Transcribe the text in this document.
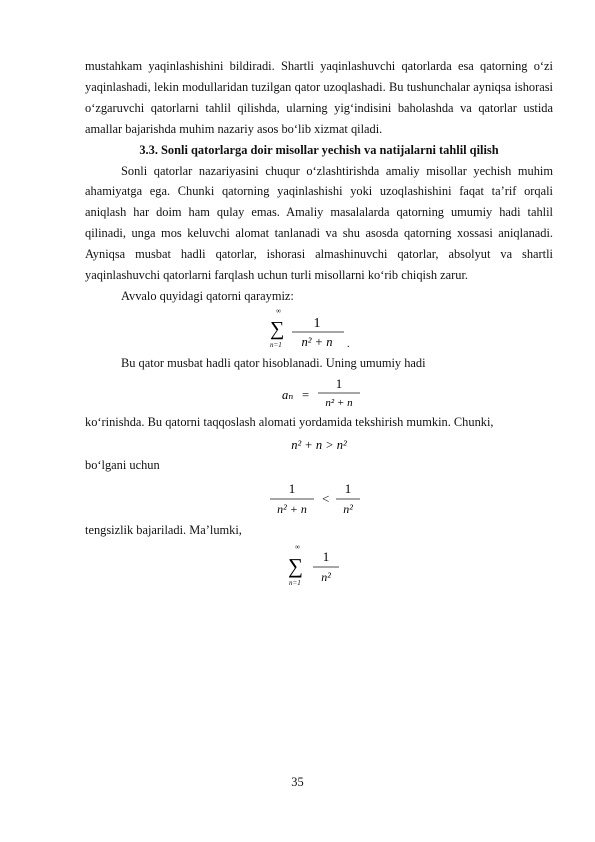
mustahkam yaqinlashishini bildiradi. Shartli yaqinlashuvchi qatorlarda esa qatorning o‘zi yaqinlashadi, lekin modullaridan tuzilgan qator uzoqlashadi. Bu tushunchalar ayniqsa ishorasi o‘zgaruvchi qatorlarni tahlil qilishda, ularning yig‘indisini baholashda va qatorlar ustida amallar bajarishda muhim nazariy asos bo‘lib xizmat qiladi.

3.3. Sonli qatorlarga doir misollar yechish va natijalarni tahlil qilish

Sonli qatorlar nazariyasini chuqur o‘zlashtirishda amaliy misollar yechish muhim ahamiyatga ega. Chunki qatorning yaqinlashishi yoki uzoqlashishini faqat ta’rif orqali aniqlash har doim ham qulay emas. Amaliy masalalarda qatorning umumiy hadi tahlil qilinadi, unga mos keluvchi alomat tanlanadi va shu asosda qatorning xossasi aniqlanadi. Ayniqsa musbat hadli qatorlar, ishorasi almashinuvchi qatorlar, absolyut va shartli yaqinlashuvchi qatorlarni farqlash uchun turli misollarni ko‘rib chiqish zarur.

Avvalo quyidagi qatorni qaraymiz:

∞
∑
n=1
1
n² + n .

Bu qator musbat hadli qator hisoblanadi. Uning umumiy hadi

aₙ =
1
n² + n

ko‘rinishda. Bu qatorni taqqoslash alomati yordamida tekshirish mumkin. Chunki,

n² + n > n²

bo‘lgani uchun

1
n² + n
<
1
n²

tengsizlik bajariladi. Ma’lumki,

∞
∑
n=1
1
n²
35
